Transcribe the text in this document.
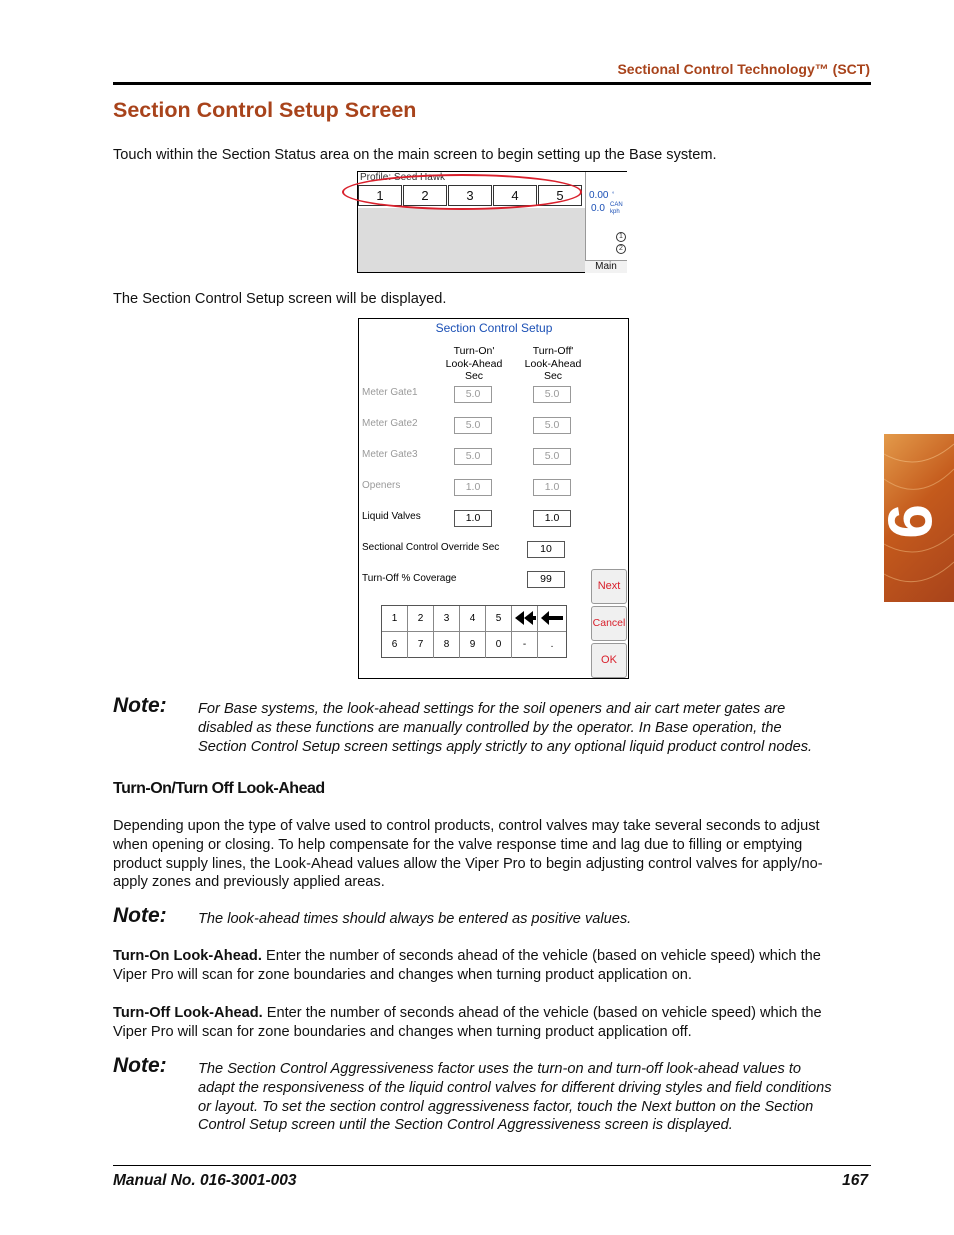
Sectional Control Technology™ (SCT)
Section Control Setup Screen
Touch within the Section Status area on the main screen to begin setting up the Base system.
Profile: Seed Hawk
1	2	3	4	5	0.00 °
0.0 CAN
kph
1
2
Main
The Section Control Setup screen will be displayed.
Section Control Setup
Turn-On'
Look-Ahead
Sec
Turn-Off'
Look-Ahead
Sec
Meter Gate1	5.0	5.0
Meter Gate2	5.0	5.0
Meter Gate3	5.0	5.0
Openers	1.0	1.0
Liquid Valves	1.0	1.0
Sectional Control Override Sec	10
Turn-Off % Coverage	99
Next
Cancel
OK
1	2	3	4	5
6	7	8	9	0	-	.
Note: For Base systems, the look-ahead settings for the soil openers and air cart meter gates are
disabled as these functions are manually controlled by the operator. In Base operation, the
Section Control Setup screen settings apply strictly to any optional liquid product control nodes.
Turn-On/Turn Off Look-Ahead
Depending upon the type of valve used to control products, control valves may take several seconds to adjust
when opening or closing. To help compensate for the valve response time and lag due to filling or emptying
product supply lines, the Look-Ahead values allow the Viper Pro to begin adjusting control valves for apply/no-
apply zones and previously applied areas.
Note: The look-ahead times should always be entered as positive values.
Turn-On Look-Ahead. Enter the number of seconds ahead of the vehicle (based on vehicle speed) which the
Viper Pro will scan for zone boundaries and changes when turning product application on.
Turn-Off Look-Ahead. Enter the number of seconds ahead of the vehicle (based on vehicle speed) which the
Viper Pro will scan for zone boundaries and changes when turning product application off.
Note: The Section Control Aggressiveness factor uses the turn-on and turn-off look-ahead values to
adapt the responsiveness of the liquid control valves for different driving styles and field conditions
or layout. To set the section control aggressiveness factor, touch the Next button on the Section
Control Setup screen until the Section Control Aggressiveness screen is displayed.
9
Manual No. 016-3001-003	167
